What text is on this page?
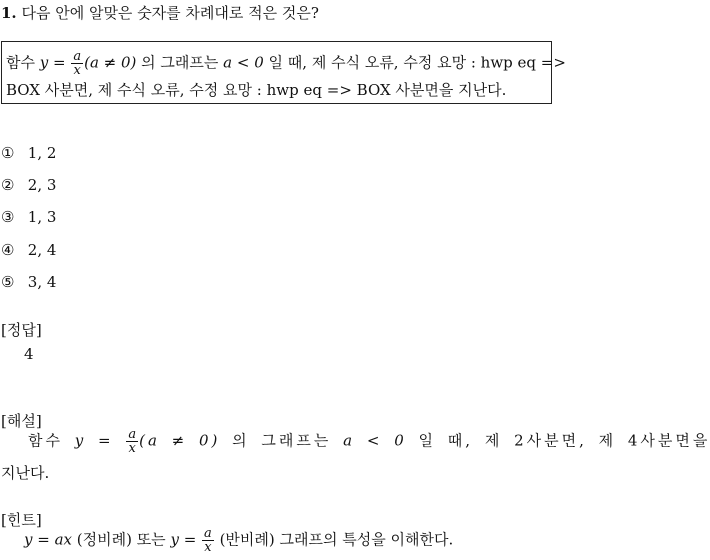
1. 다음 안에 알맞은 숫자를 차례대로 적은 것은?
함수 $y = \frac{a}{x} (a \ne 0)$ 의 그래프는 a < 0 일 때, 제 수식 오류, 수정 요망 : hwp eq =>
BOX 사분면, 제 수식 오류, 수정 요망 : hwp eq => BOX 사분면을 지난다.
① 1, 2
② 2, 3
③ 1, 3
④ 2, 4
⑤ 3, 4
[정답]
4
[해설]
함수 $y = \frac{a}{x} (a \ne 0)$ 의 그래프는 a < 0 일 때, 제 2사분면, 제 4사분면을
지난다.
[힌트]
y = ax (정비례) 또는 $y = \frac{a}{x}$ (반비례) 그래프의 특성을 이해한다.
